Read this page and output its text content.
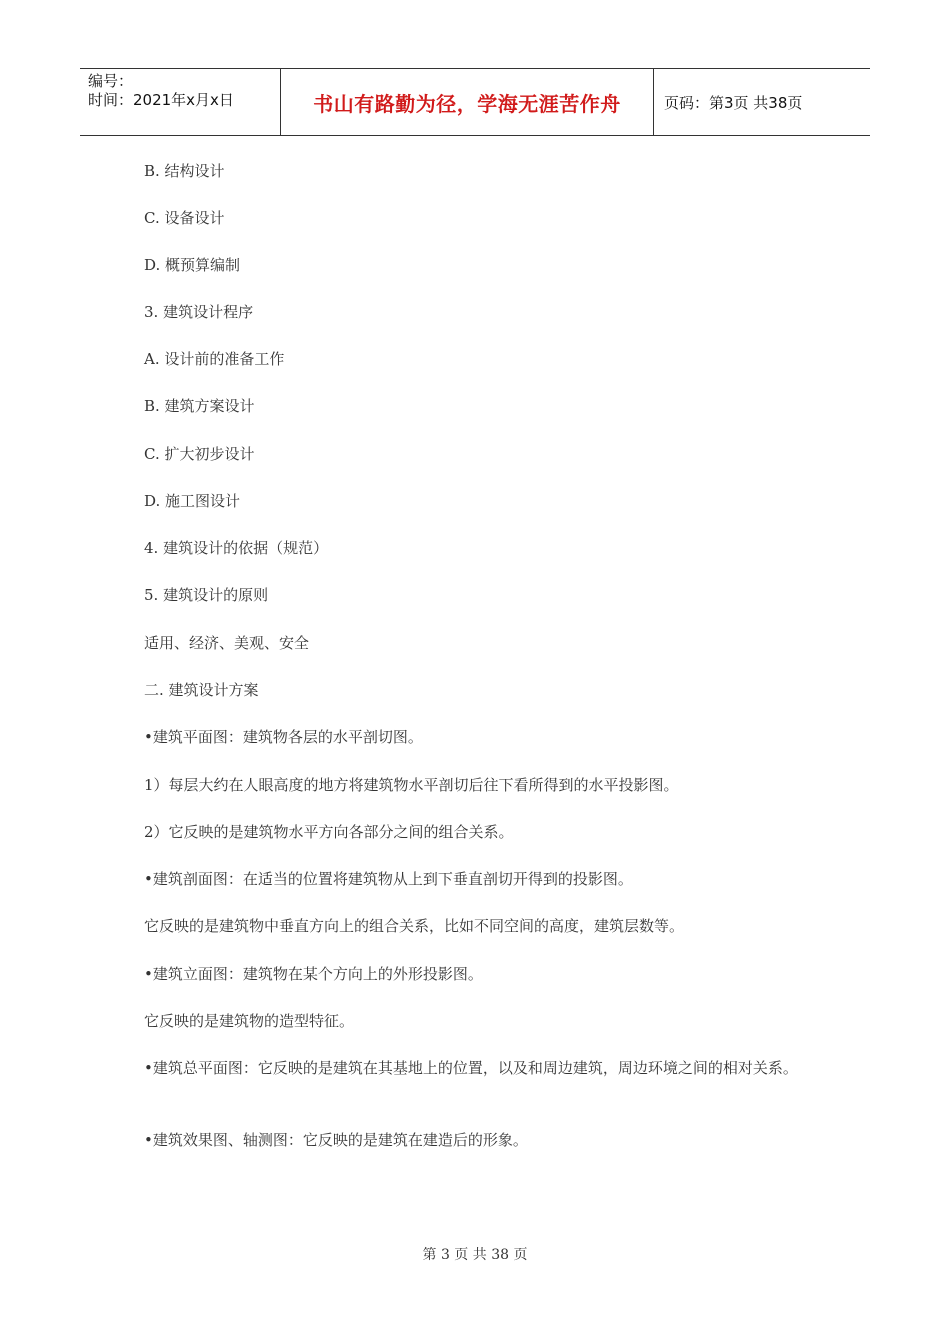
编号：
时间：2021年x月x日	书山有路勤为径，学海无涯苦作舟	页码：第3页 共38页
B. 结构设计
C. 设备设计
D. 概预算编制
3. 建筑设计程序
A. 设计前的准备工作
B. 建筑方案设计
C. 扩大初步设计
D. 施工图设计
4. 建筑设计的依据（规范）
5. 建筑设计的原则
适用、经济、美观、安全
二. 建筑设计方案
•建筑平面图：建筑物各层的水平剖切图。
1）每层大约在人眼高度的地方将建筑物水平剖切后往下看所得到的水平投影图。
2）它反映的是建筑物水平方向各部分之间的组合关系。
•建筑剖面图：在适当的位置将建筑物从上到下垂直剖切开得到的投影图。
它反映的是建筑物中垂直方向上的组合关系，比如不同空间的高度，建筑层数等。
•建筑立面图：建筑物在某个方向上的外形投影图。
它反映的是建筑物的造型特征。
•建筑总平面图：它反映的是建筑在其基地上的位置，以及和周边建筑，周边环境之间的相对关系。
•建筑效果图、轴测图：它反映的是建筑在建造后的形象。
第 3 页 共 38 页
